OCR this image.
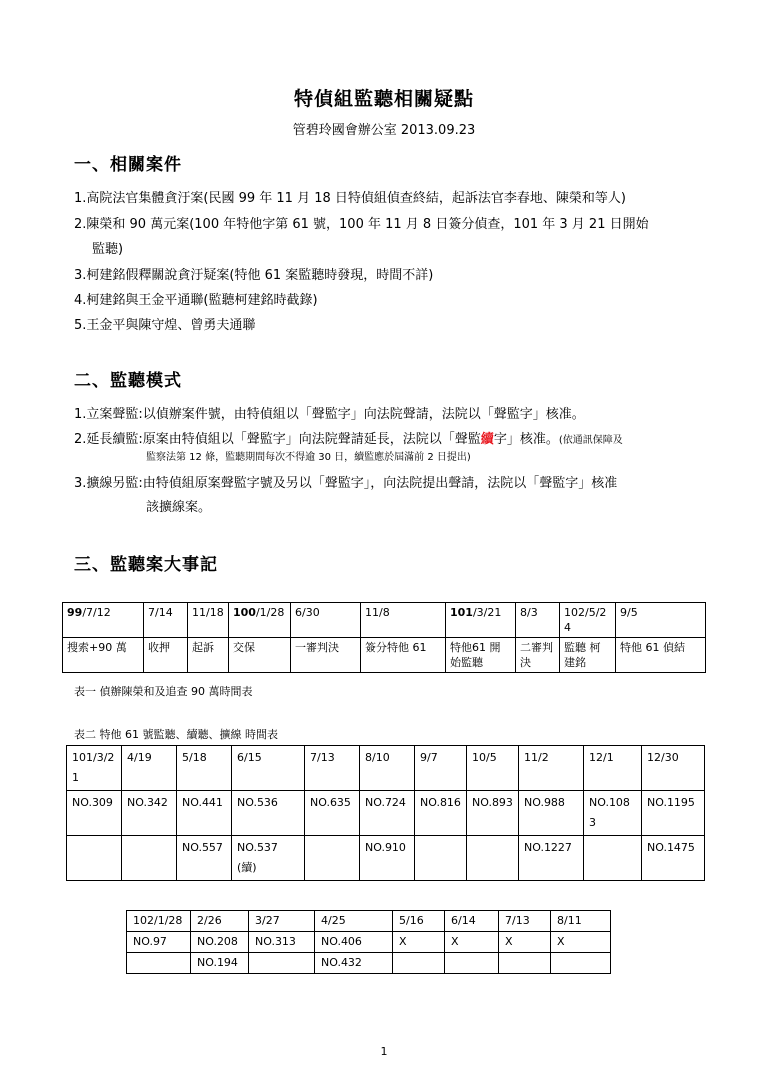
特偵組監聽相關疑點
管碧玲國會辦公室 2013.09.23
一、相關案件
1.高院法官集體貪汙案(民國 99 年 11 月 18 日特偵組偵查終結，起訴法官李春地、陳榮和等人)
2.陳榮和 90 萬元案(100 年特他字第 61 號，100 年 11 月 8 日簽分偵查，101 年 3 月 21 日開始
監聽)
3.柯建銘假釋關說貪汙疑案(特他 61 案監聽時發現，時間不詳)
4.柯建銘與王金平通聯(監聽柯建銘時截錄)
5.王金平與陳守煌、曾勇夫通聯
二、監聽模式
1.立案聲監:以偵辦案件號，由特偵組以「聲監字」向法院聲請，法院以「聲監字」核准。
2.延長續監:原案由特偵組以「聲監字」向法院聲請延長，法院以「聲監續字」核准。(依通訊保障及
監察法第 12 條，監聽期間每次不得逾 30 日，續監應於屆滿前 2 日提出)
3.擴線另監:由特偵組原案聲監字號及另以「聲監字」，向法院提出聲請，法院以「聲監字」核准
該擴線案。
三、監聽案大事記
99/7/12	7/14	11/18	100/1/28	6/30	11/8	101/3/21	8/3	102/5/24	9/5
搜索+90 萬	收押	起訴	交保	一審判決	簽分特他 61	特他61 開始監聽	二審判決	監聽 柯建銘	特他 61 偵結
表一 偵辦陳榮和及追查 90 萬時間表
表二 特他 61 號監聽、續聽、擴線 時間表
101/3/21	4/19	5/18	6/15	7/13	8/10	9/7	10/5	11/2	12/1	12/30
NO.309	NO.342	NO.441	NO.536	NO.635	NO.724	NO.816	NO.893	NO.988	NO.1083	NO.1195
		NO.557	NO.537 (續)		NO.910			NO.1227		NO.1475
102/1/28	2/26	3/27	4/25	5/16	6/14	7/13	8/11
NO.97	NO.208	NO.313	NO.406	X	X	X	X
	NO.194		NO.432				
1
